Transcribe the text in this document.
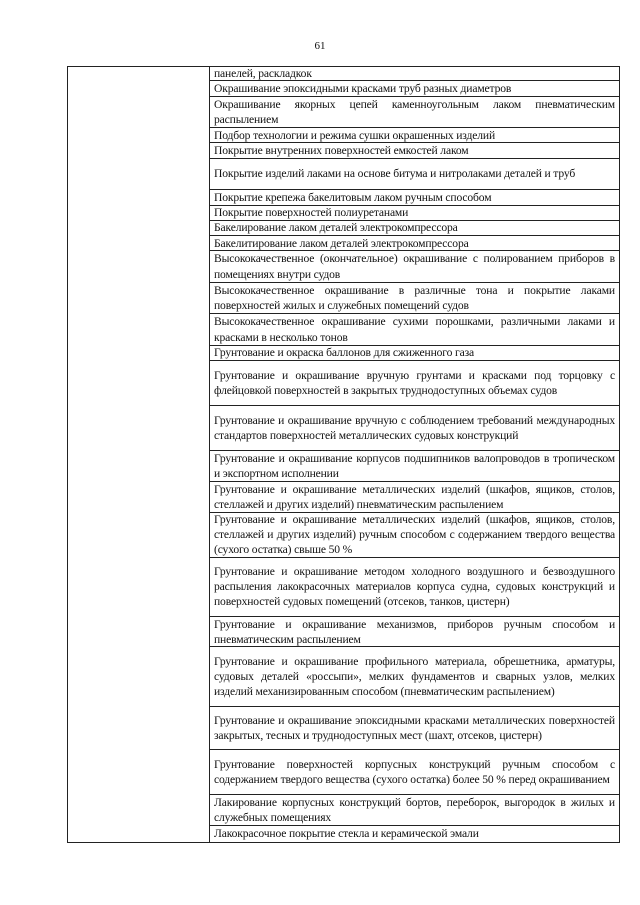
61
панелей, раскладкок
Окрашивание эпоксидными красками труб разных диаметров
Окрашивание якорных цепей каменноугольным лаком пневматическим распылением
Подбор технологии и режима сушки окрашенных изделий
Покрытие внутренних поверхностей емкостей лаком
Покрытие изделий лаками на основе битума и нитролаками деталей и труб
Покрытие крепежа бакелитовым лаком ручным способом
Покрытие поверхностей полиуретанами
Бакелирование лаком деталей электрокомпрессора
Бакелитирование лаком деталей электрокомпрессора
Высококачественное (окончательное) окрашивание с полированием приборов в помещениях внутри судов
Высококачественное окрашивание в различные тона и покрытие лаками поверхностей жилых и служебных помещений судов
Высококачественное окрашивание сухими порошками, различными лаками и красками в несколько тонов
Грунтование и окраска баллонов для сжиженного газа
Грунтование и окрашивание вручную грунтами и красками под торцовку с флейцовкой поверхностей в закрытых труднодоступных объемах судов
Грунтование и окрашивание вручную с соблюдением требований международных стандартов поверхностей металлических судовых конструкций
Грунтование и окрашивание корпусов подшипников валопроводов в тропическом и экспортном исполнении
Грунтование и окрашивание металлических изделий (шкафов, ящиков, столов, стеллажей и других изделий) пневматическим распылением
Грунтование и окрашивание металлических изделий (шкафов, ящиков, столов, стеллажей и других изделий) ручным способом с содержанием твердого вещества (сухого остатка) свыше 50 %
Грунтование и окрашивание методом холодного воздушного и безвоздушного распыления лакокрасочных материалов корпуса судна, судовых конструкций и поверхностей судовых помещений (отсеков, танков, цистерн)
Грунтование и окрашивание механизмов, приборов ручным способом и пневматическим распылением
Грунтование и окрашивание профильного материала, обрешетника, арматуры, судовых деталей «россыпи», мелких фундаментов и сварных узлов, мелких изделий механизированным способом (пневматическим распылением)
Грунтование и окрашивание эпоксидными красками металлических поверхностей закрытых, тесных и труднодоступных мест (шахт, отсеков, цистерн)
Грунтование поверхностей корпусных конструкций ручным способом с содержанием твердого вещества (сухого остатка) более 50 % перед окрашиванием
Лакирование корпусных конструкций бортов, переборок, выгородок в жилых и служебных помещениях
Лакокрасочное покрытие стекла и керамической эмали
